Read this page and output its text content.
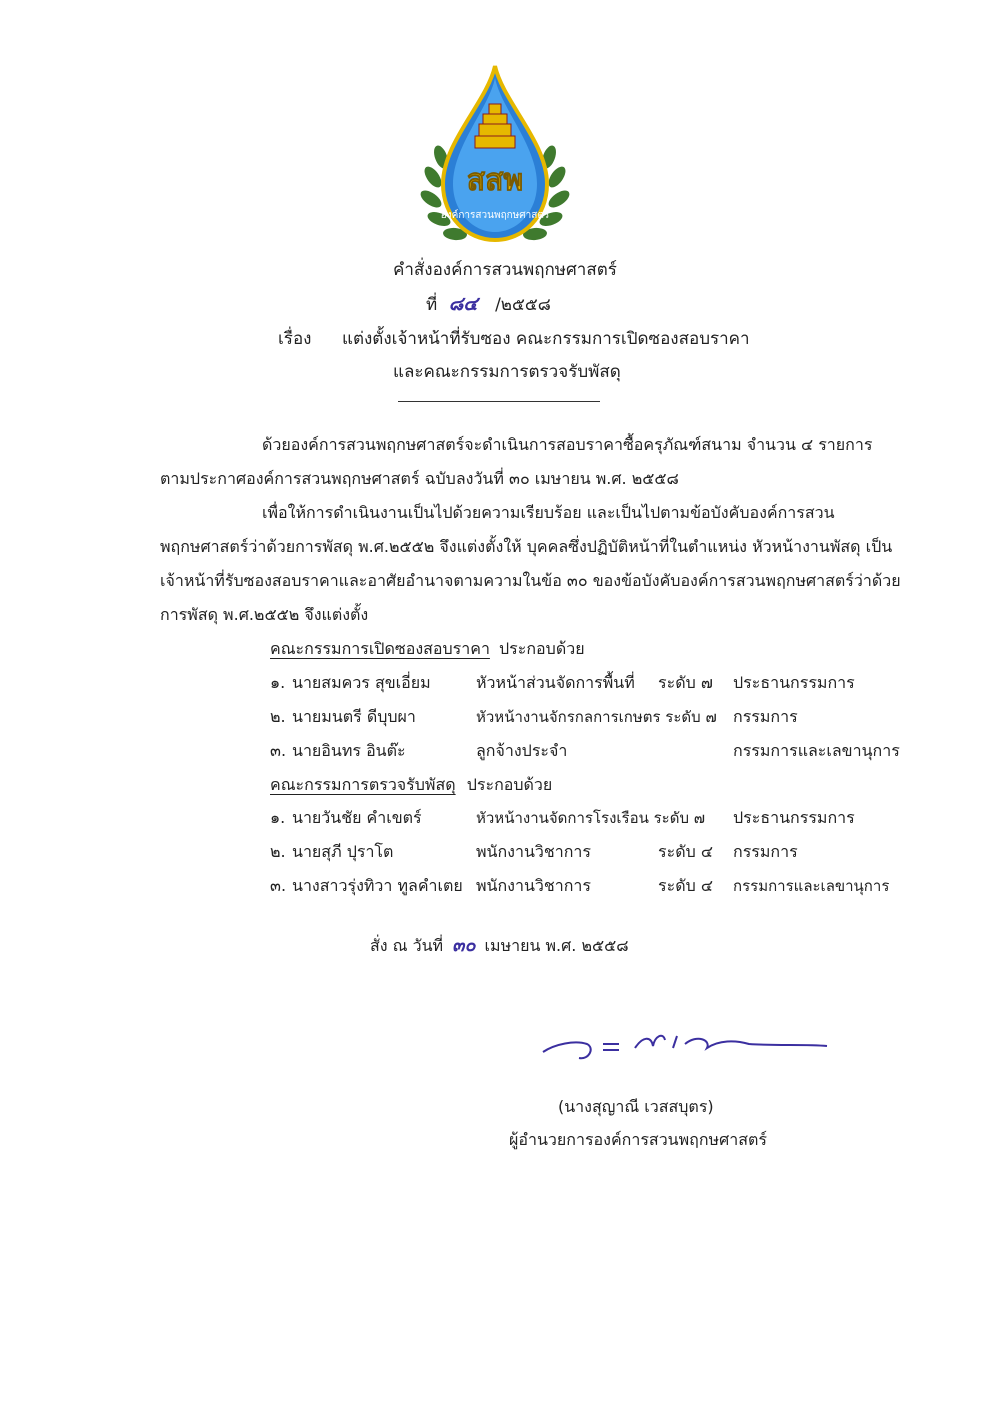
สสพ
องค์การสวนพฤกษศาสตร์
คำสั่งองค์การสวนพฤกษศาสตร์
ที่ ๘๔ /๒๕๕๘
เรื่อง แต่งตั้งเจ้าหน้าที่รับซอง คณะกรรมการเปิดซองสอบราคา
และคณะกรรมการตรวจรับพัสดุ
ด้วยองค์การสวนพฤกษศาสตร์จะดำเนินการสอบราคาซื้อครุภัณฑ์สนาม จำนวน ๔ รายการ
ตามประกาศองค์การสวนพฤกษศาสตร์ ฉบับลงวันที่ ๓๐ เมษายน พ.ศ. ๒๕๕๘
เพื่อให้การดำเนินงานเป็นไปด้วยความเรียบร้อย และเป็นไปตามข้อบังคับองค์การสวน
พฤกษศาสตร์ว่าด้วยการพัสดุ พ.ศ.๒๕๕๒ จึงแต่งตั้งให้ บุคคลซึ่งปฏิบัติหน้าที่ในตำแหน่ง หัวหน้างานพัสดุ เป็น
เจ้าหน้าที่รับซองสอบราคาและอาศัยอำนาจตามความในข้อ ๓๐ ของข้อบังคับองค์การสวนพฤกษศาสตร์ว่าด้วย
การพัสดุ พ.ศ.๒๕๕๒ จึงแต่งตั้ง
คณะกรรมการเปิดซองสอบราคา ประกอบด้วย
๑. นายสมควร สุขเอี่ยม	หัวหน้าส่วนจัดการพื้นที่ ระดับ ๗ ประธานกรรมการ
๒. นายมนตรี ดีบุบผา	หัวหน้างานจักรกลการเกษตร ระดับ ๗ กรรมการ
๓. นายอินทร อินต๊ะ	ลูกจ้างประจำ	กรรมการและเลขานุการ
คณะกรรมการตรวจรับพัสดุ ประกอบด้วย
๑. นายวันชัย คำเขตร์	หัวหน้างานจัดการโรงเรือน ระดับ ๗ ประธานกรรมการ
๒. นายสุภี ปุราโต	พนักงานวิชาการ	ระดับ ๔ กรรมการ
๓. นางสาวรุ่งทิวา ทูลคำเตย พนักงานวิชาการ	ระดับ ๔ กรรมการและเลขานุการ
สั่ง ณ วันที่ ๓๐ เมษายน พ.ศ. ๒๕๕๘
(นางสุญาณี เวสสบุตร)
ผู้อำนวยการองค์การสวนพฤกษศาสตร์
